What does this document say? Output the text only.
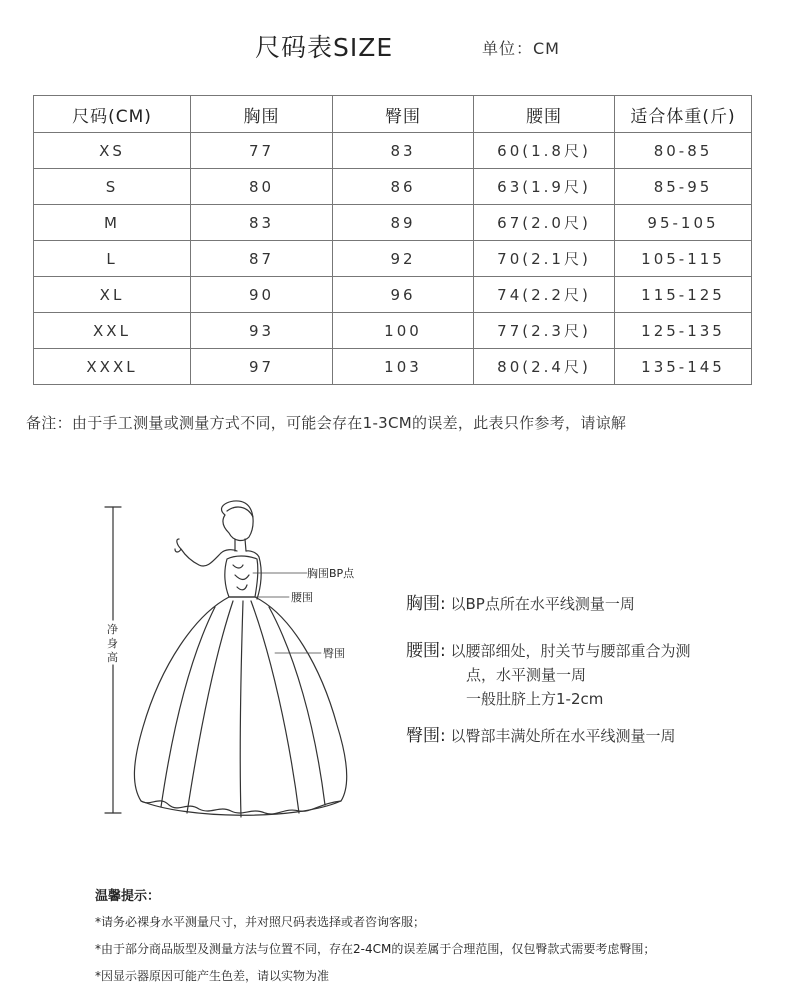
尺码表SIZE	单位：CM
尺码(CM)	胸围	臀围	腰围	适合体重(斤)
XS	77	83	60(1.8尺)	80-85
S	80	86	63(1.9尺)	85-95
M	83	89	67(2.0尺)	95-105
L	87	92	70(2.1尺)	105-115
XL	90	96	74(2.2尺)	115-125
XXL	93	100	77(2.3尺)	125-135
XXXL	97	103	80(2.4尺)	135-145
备注：由于手工测量或测量方式不同，可能会存在1-3CM的误差，此表只作参考，请谅解
胸围BP点
腰围
臀围
净身高
胸围: 以BP点所在水平线测量一周
腰围: 以腰部细处，肘关节与腰部重合为测
点，水平测量一周
一般肚脐上方1-2cm
臀围: 以臀部丰满处所在水平线测量一周
温馨提示：
*请务必裸身水平测量尺寸，并对照尺码表选择或者咨询客服；
*由于部分商品版型及测量方法与位置不同，存在2-4CM的误差属于合理范围，仅包臀款式需要考虑臀围；
*因显示器原因可能产生色差，请以实物为准
